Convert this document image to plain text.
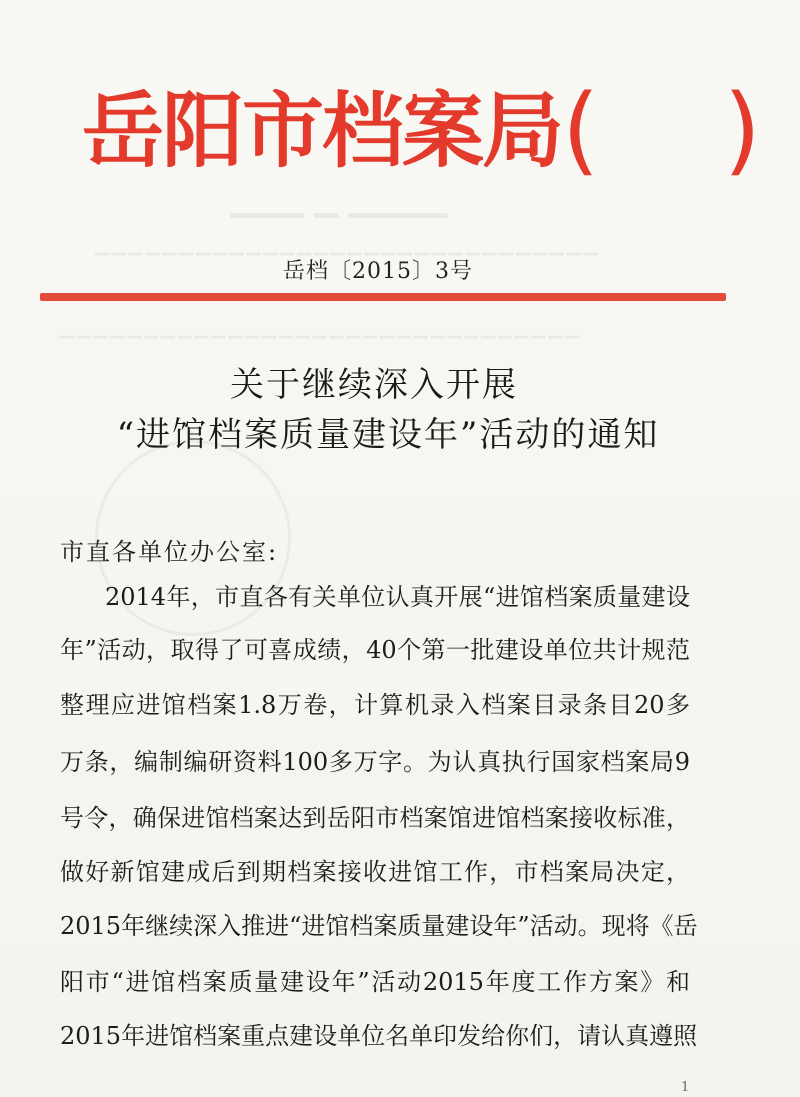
▁▁▁ ▁ ▁▁▁▁
▁▁▁▁▁▁▁▁▁▁▁▁▁▁▁▁▁▁▁▁▁▁▁▁▁▁▁▁▁▁
▁▁▁▁▁▁▁▁▁▁▁▁▁▁▁▁▁▁▁▁▁▁▁▁▁▁▁▁▁▁▁
岳阳市档案局( )
岳档〔2015〕3号
关于继续深入开展
“进馆档案质量建设年”活动的通知
市直各单位办公室:
2014年，市直各有关单位认真开展“进馆档案质量建设
年”活动，取得了可喜成绩，40个第一批建设单位共计规范
整理应进馆档案1.8万卷，计算机录入档案目录条目20多
万条，编制编研资料100多万字。为认真执行国家档案局9
号令，确保进馆档案达到岳阳市档案馆进馆档案接收标准，
做好新馆建成后到期档案接收进馆工作，市档案局决定，
2015年继续深入推进“进馆档案质量建设年”活动。现将《岳
阳市“进馆档案质量建设年”活动2015年度工作方案》和
2015年进馆档案重点建设单位名单印发给你们，请认真遵照
1
